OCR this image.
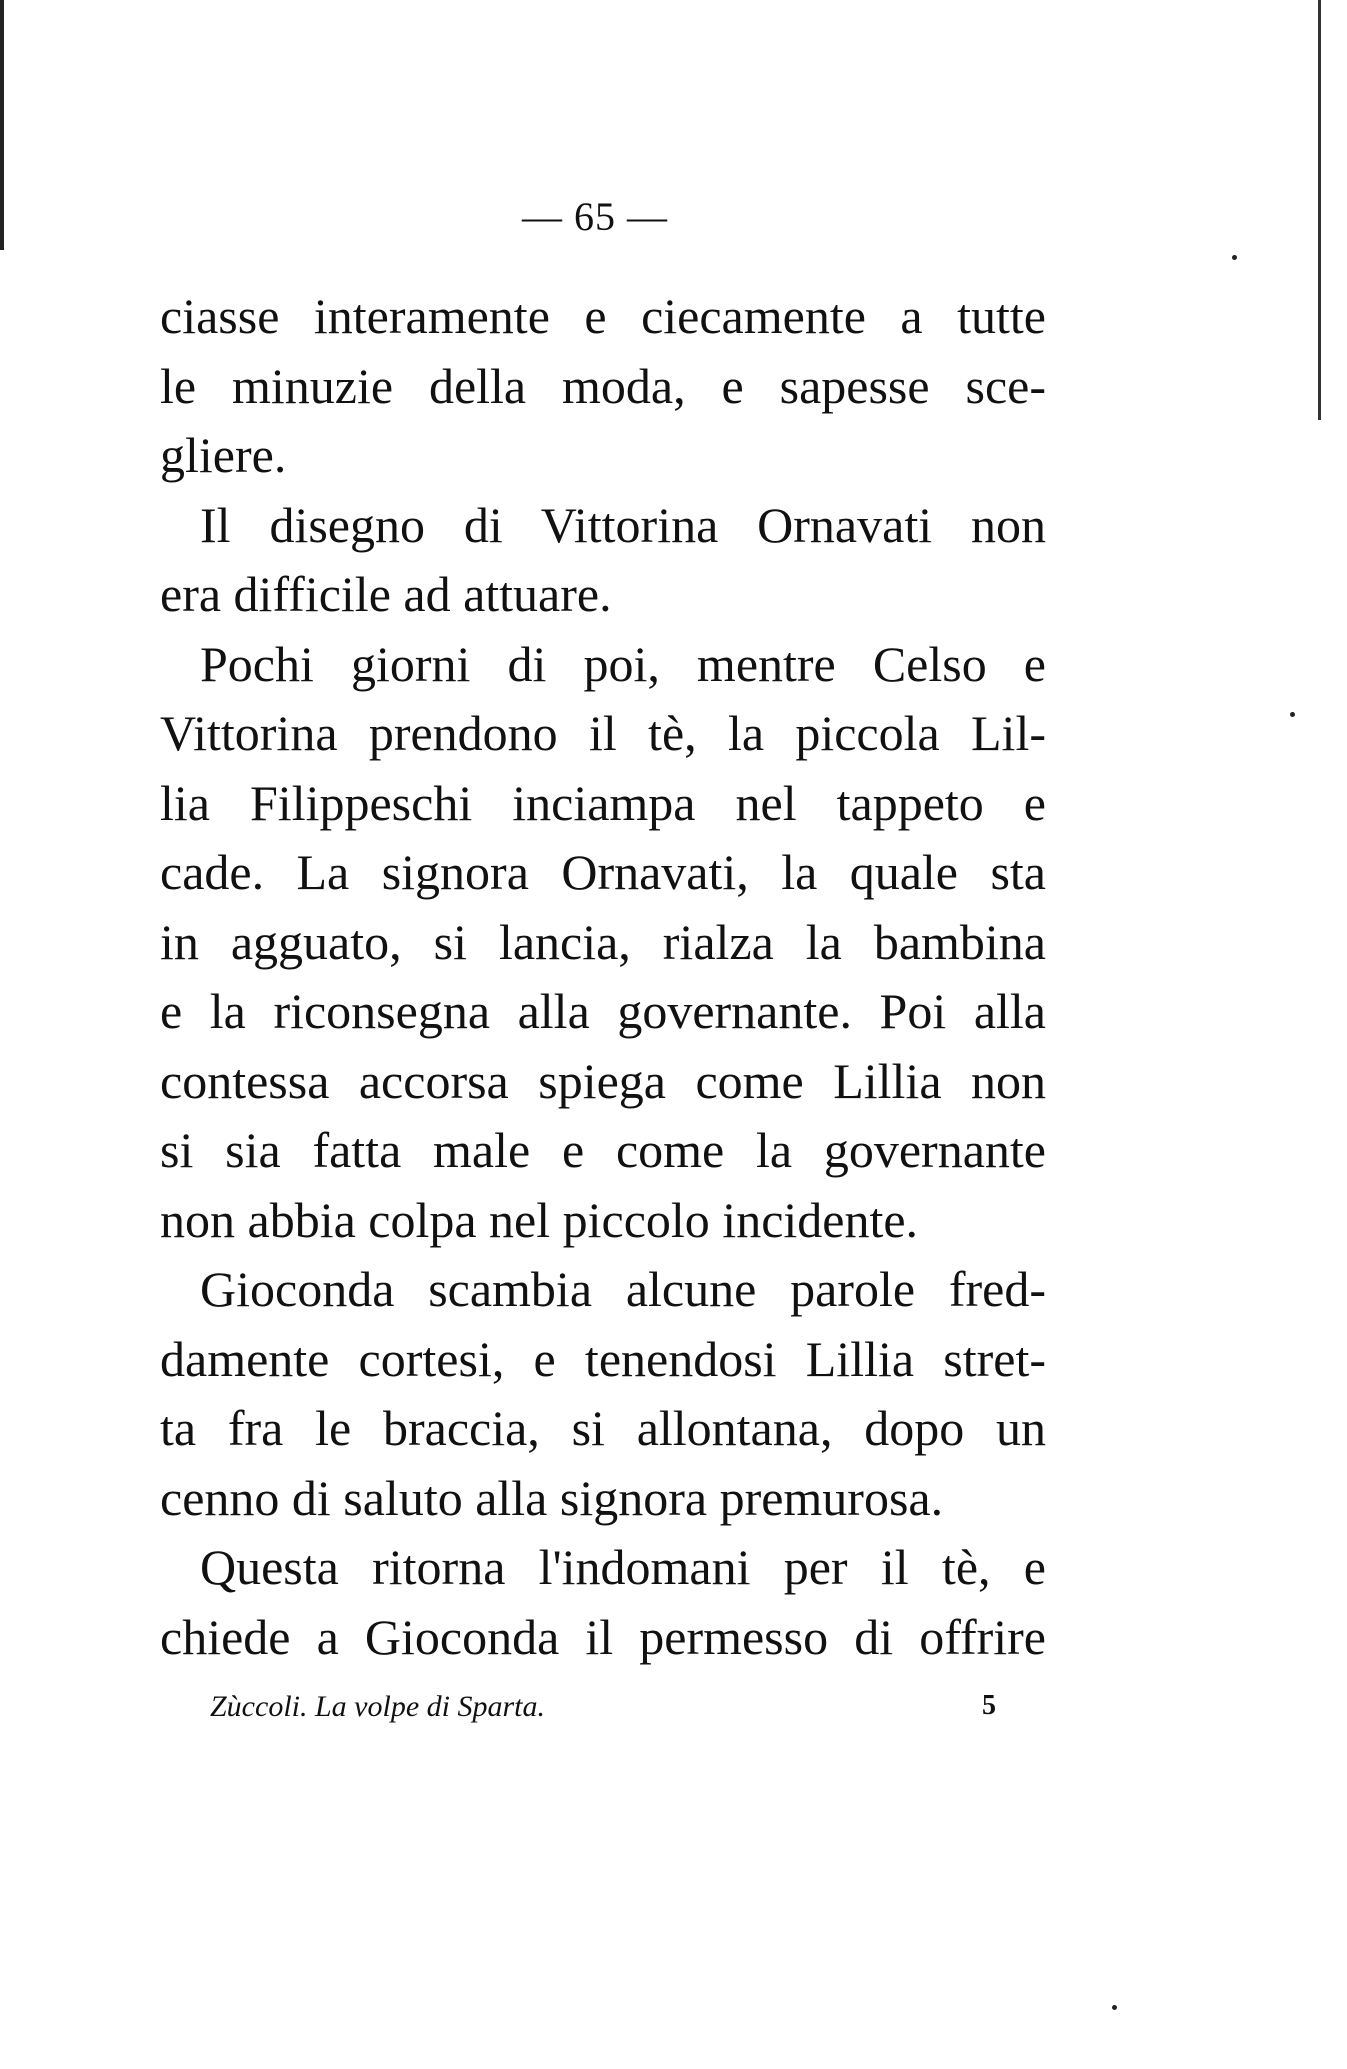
— 65 —
ciasse interamente e ciecamente a tutte
le minuzie della moda, e sapesse sce-
gliere.
Il disegno di Vittorina Ornavati non
era difficile ad attuare.
Pochi giorni di poi, mentre Celso e
Vittorina prendono il tè, la piccola Lil-
lia Filippeschi inciampa nel tappeto e
cade. La signora Ornavati, la quale sta
in agguato, si lancia, rialza la bambina
e la riconsegna alla governante. Poi alla
contessa accorsa spiega come Lillia non
si sia fatta male e come la governante
non abbia colpa nel piccolo incidente.
Gioconda scambia alcune parole fred-
damente cortesi, e tenendosi Lillia stret-
ta fra le braccia, si allontana, dopo un
cenno di saluto alla signora premurosa.
Questa ritorna l'indomani per il tè, e
chiede a Gioconda il permesso di offrire
Zùccoli. La volpe di Sparta.	5
